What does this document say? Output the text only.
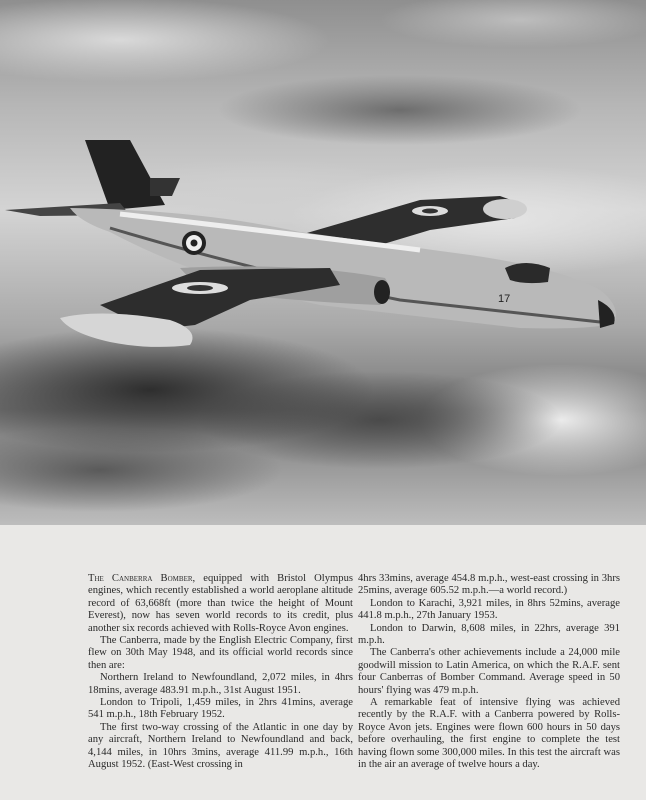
17

The Canberra Bomber, equipped with Bristol Olympus engines, which recently established a world aeroplane altitude record of 63,668ft (more than twice the height of Mount Everest), now has seven world records to its credit, plus another six records achieved with Rolls-Royce Avon engines.

The Canberra, made by the English Electric Company, first flew on 30th May 1948, and its official world records since then are:

Northern Ireland to Newfoundland, 2,072 miles, in 4hrs 18mins, average 483.91 m.p.h., 31st August 1951.

London to Tripoli, 1,459 miles, in 2hrs 41mins, average 541 m.p.h., 18th February 1952.

The first two-way crossing of the Atlantic in one day by any aircraft, Northern Ireland to Newfoundland and back, 4,144 miles, in 10hrs 3mins, average 411.99 m.p.h., 16th August 1952. (East-West crossing in

4hrs 33mins, average 454.8 m.p.h., west-east crossing in 3hrs 25mins, average 605.52 m.p.h.—a world record.)

London to Karachi, 3,921 miles, in 8hrs 52mins, average 441.8 m.p.h., 27th January 1953.

London to Darwin, 8,608 miles, in 22hrs, average 391 m.p.h.

The Canberra's other achievements include a 24,000 mile goodwill mission to Latin America, on which the R.A.F. sent four Canberras of Bomber Command. Average speed in 50 hours' flying was 479 m.p.h.

A remarkable feat of intensive flying was achieved recently by the R.A.F. with a Canberra powered by Rolls-Royce Avon jets. Engines were flown 600 hours in 50 days before overhauling, the first engine to complete the test having flown some 300,000 miles. In this test the aircraft was in the air an average of twelve hours a day.
